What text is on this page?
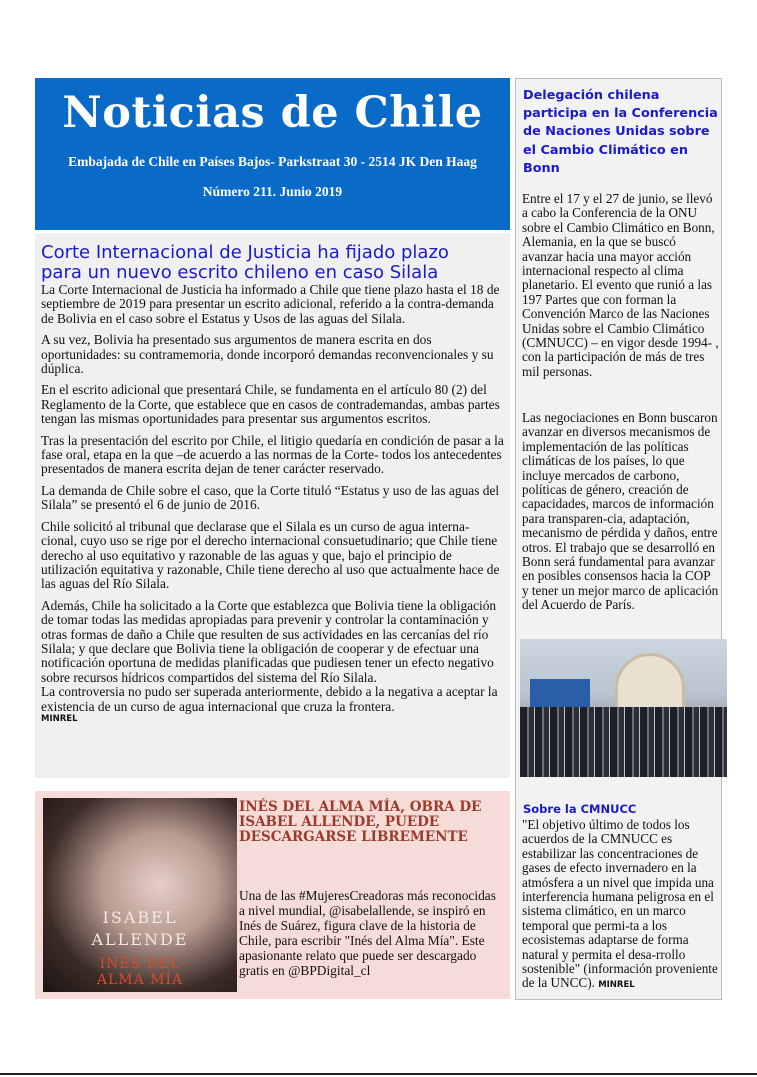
Noticias de Chile
Embajada de Chile en Países Bajos- Parkstraat 30 - 2514 JK Den Haag
Número 211. Junio 2019
Corte Internacional de Justicia ha fijado plazo
para un nuevo escrito chileno en caso Silala

La Corte Internacional de Justicia ha informado a Chile que tiene plazo hasta el 18 de septiembre de 2019 para presentar un escrito adicional, referido a la contra-demanda de Bolivia en el caso sobre el Estatus y Usos de las aguas del Silala.

A su vez, Bolivia ha presentado sus argumentos de manera escrita en dos oportunidades: su contramemoria, donde incorporó demandas reconvencionales y su dúplica.

En el escrito adicional que presentará Chile, se fundamenta en el artículo 80 (2) del Reglamento de la Corte, que establece que en casos de contrademandas, ambas partes tengan las mismas oportunidades para presentar sus argumentos escritos.

Tras la presentación del escrito por Chile, el litigio quedaría en condición de pasar a la fase oral, etapa en la que –de acuerdo a las normas de la Corte- todos los antecedentes presentados de manera escrita dejan de tener carácter reservado.

La demanda de Chile sobre el caso, que la Corte tituló “Estatus y uso de las aguas del Silala” se presentó el 6 de junio de 2016.

Chile solicitó al tribunal que declarase que el Silala es un curso de agua interna-cional, cuyo uso se rige por el derecho internacional consuetudinario; que Chile tiene derecho al uso equitativo y razonable de las aguas y que, bajo el principio de utilización equitativa y razonable, Chile tiene derecho al uso que actualmente hace de las aguas del Río Silala.

Además, Chile ha solicitado a la Corte que establezca que Bolivia tiene la obligación de tomar todas las medidas apropiadas para prevenir y controlar la contaminación y otras formas de daño a Chile que resulten de sus actividades en las cercanías del río Silala; y que declare que Bolivia tiene la obligación de cooperar y de efectuar una notificación oportuna de medidas planificadas que pudiesen tener un efecto negativo sobre recursos hídricos compartidos del sistema del Río Silala.

La controversia no pudo ser superada anteriormente, debido a la negativa a aceptar la existencia de un curso de agua internacional que cruza la frontera.

MINREL
ISABEL
ALLENDE
INÉS DEL
ALMA MÍA
INÉS DEL ALMA MÍA, OBRA DE ISABEL ALLENDE, PUEDE DESCARGARSE LIBREMENTE
Una de las #MujeresCreadoras más reconocidas a nivel mundial, @isabelallende, se inspiró en Inés de Suárez, figura clave de la historia de Chile, para escribir "Inés del Alma Mía". Este apasionante relato que puede ser descargado gratis en @BPDigital_cl
Delegación chilena participa en la Conferencia de Naciones Unidas sobre el Cambio Climático en Bonn
Entre el 17 y el 27 de junio, se llevó a cabo la Conferencia de la ONU sobre el Cambio Climático en Bonn, Alemania, en la que se buscó avanzar hacia una mayor acción internacional respecto al clima planetario. El evento que runió a las 197 Partes que con forman la Convención Marco de las Naciones Unidas sobre el Cambio Climático (CMNUCC) – en vigor desde 1994- , con la participación de más de tres mil personas.
Las negociaciones en Bonn buscaron avanzar en diversos mecanismos de implementación de las políticas climáticas de los países, lo que incluye mercados de carbono, políticas de género, creación de capacidades, marcos de información para transparen-cia, adaptación, mecanismo de pérdida y daños, entre otros. El trabajo que se desarrolló en Bonn será fundamental para avanzar en posibles consensos hacia la COP y tener un mejor marco de aplicación del Acuerdo de París.
Sobre la CMNUCC
"El objetivo último de todos los acuerdos de la CMNUCC es estabilizar las concentraciones de gases de efecto invernadero en la atmósfera a un nivel que impida una interferencia humana peligrosa en el sistema climático, en un marco temporal que permi-ta a los ecosistemas adaptarse de forma natural y permita el desa-rrollo sostenible" (información proveniente de la UNCC). MINREL
